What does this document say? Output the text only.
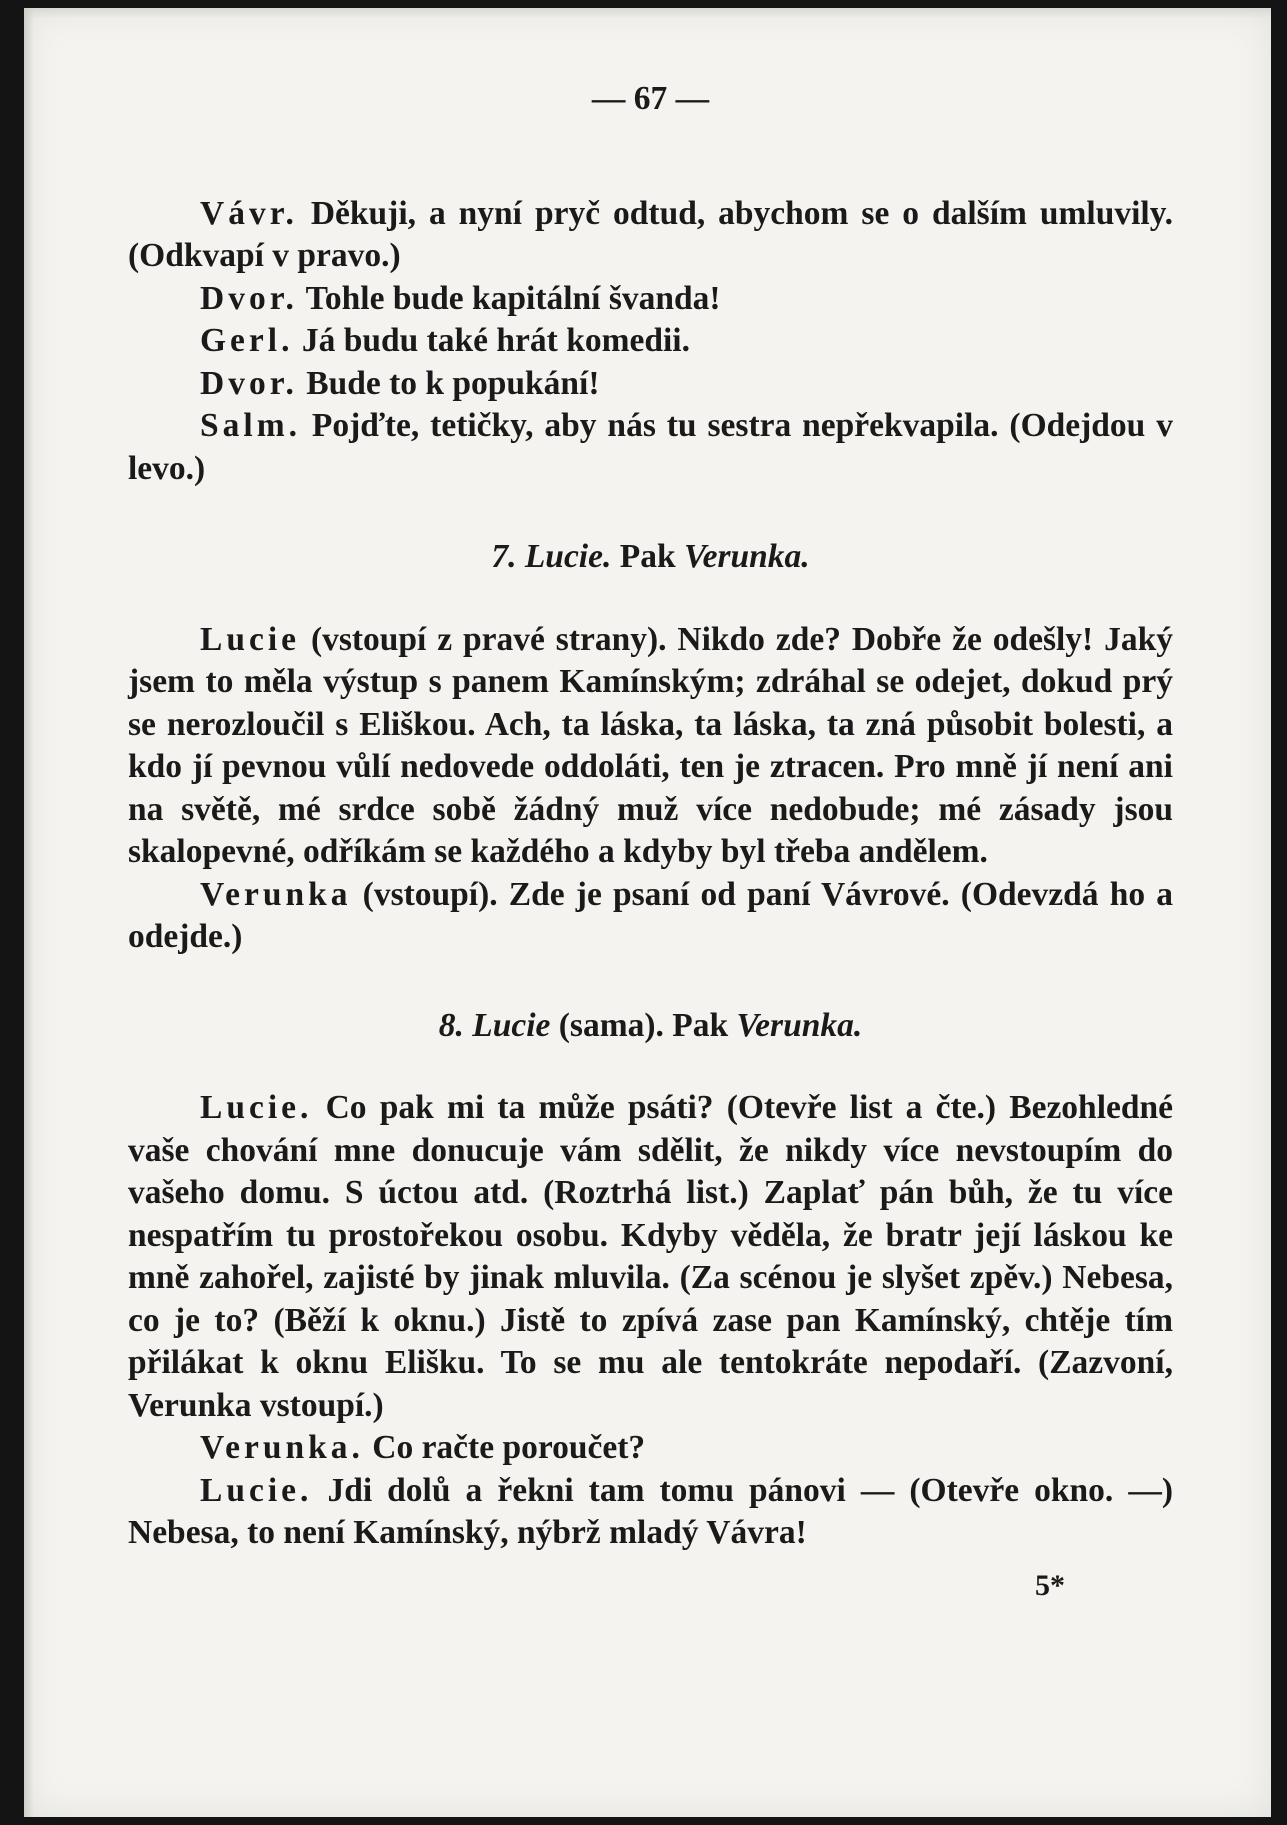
— 67 —

Vávr. Děkuji, a nyní pryč odtud, abychom se o dalším umluvily. (Odkvapí v pravo.)

Dvor. Tohle bude kapitální švanda!

Gerl. Já budu také hrát komedii.

Dvor. Bude to k popukání!

Salm. Pojďte, tetičky, aby nás tu sestra nepřekvapila. (Odejdou v levo.)

7. Lucie. Pak Verunka.

Lucie (vstoupí z pravé strany). Nikdo zde? Dobře že odešly! Jaký jsem to měla výstup s panem Kamínským; zdráhal se odejet, dokud prý se nerozloučil s Eliškou. Ach, ta láska, ta láska, ta zná působit bolesti, a kdo jí pevnou vůlí nedovede oddoláti, ten je ztracen. Pro mně jí není ani na světě, mé srdce sobě žádný muž více nedobude; mé zásady jsou skalopevné, odříkám se každého a kdyby byl třeba andělem.

Verunka (vstoupí). Zde je psaní od paní Vávrové. (Odevzdá ho a odejde.)

8. Lucie (sama). Pak Verunka.

Lucie. Co pak mi ta může psáti? (Otevře list a čte.) Bezohledné vaše chování mne donucuje vám sdělit, že nikdy více nevstoupím do vašeho domu. S úctou atd. (Roztrhá list.) Zaplať pán bůh, že tu více nespatřím tu prostořekou osobu. Kdyby věděla, že bratr její láskou ke mně zahořel, zajisté by jinak mluvila. (Za scénou je slyšet zpěv.) Nebesa, co je to? (Běží k oknu.) Jistě to zpívá zase pan Kamínský, chtěje tím přilákat k oknu Elišku. To se mu ale tentokráte nepodaří. (Zazvoní, Verunka vstoupí.)

Verunka. Co račte poroučet?

Lucie. Jdi dolů a řekni tam tomu pánovi — (Otevře okno. —) Nebesa, to není Kamínský, nýbrž mladý Vávra!

5*
